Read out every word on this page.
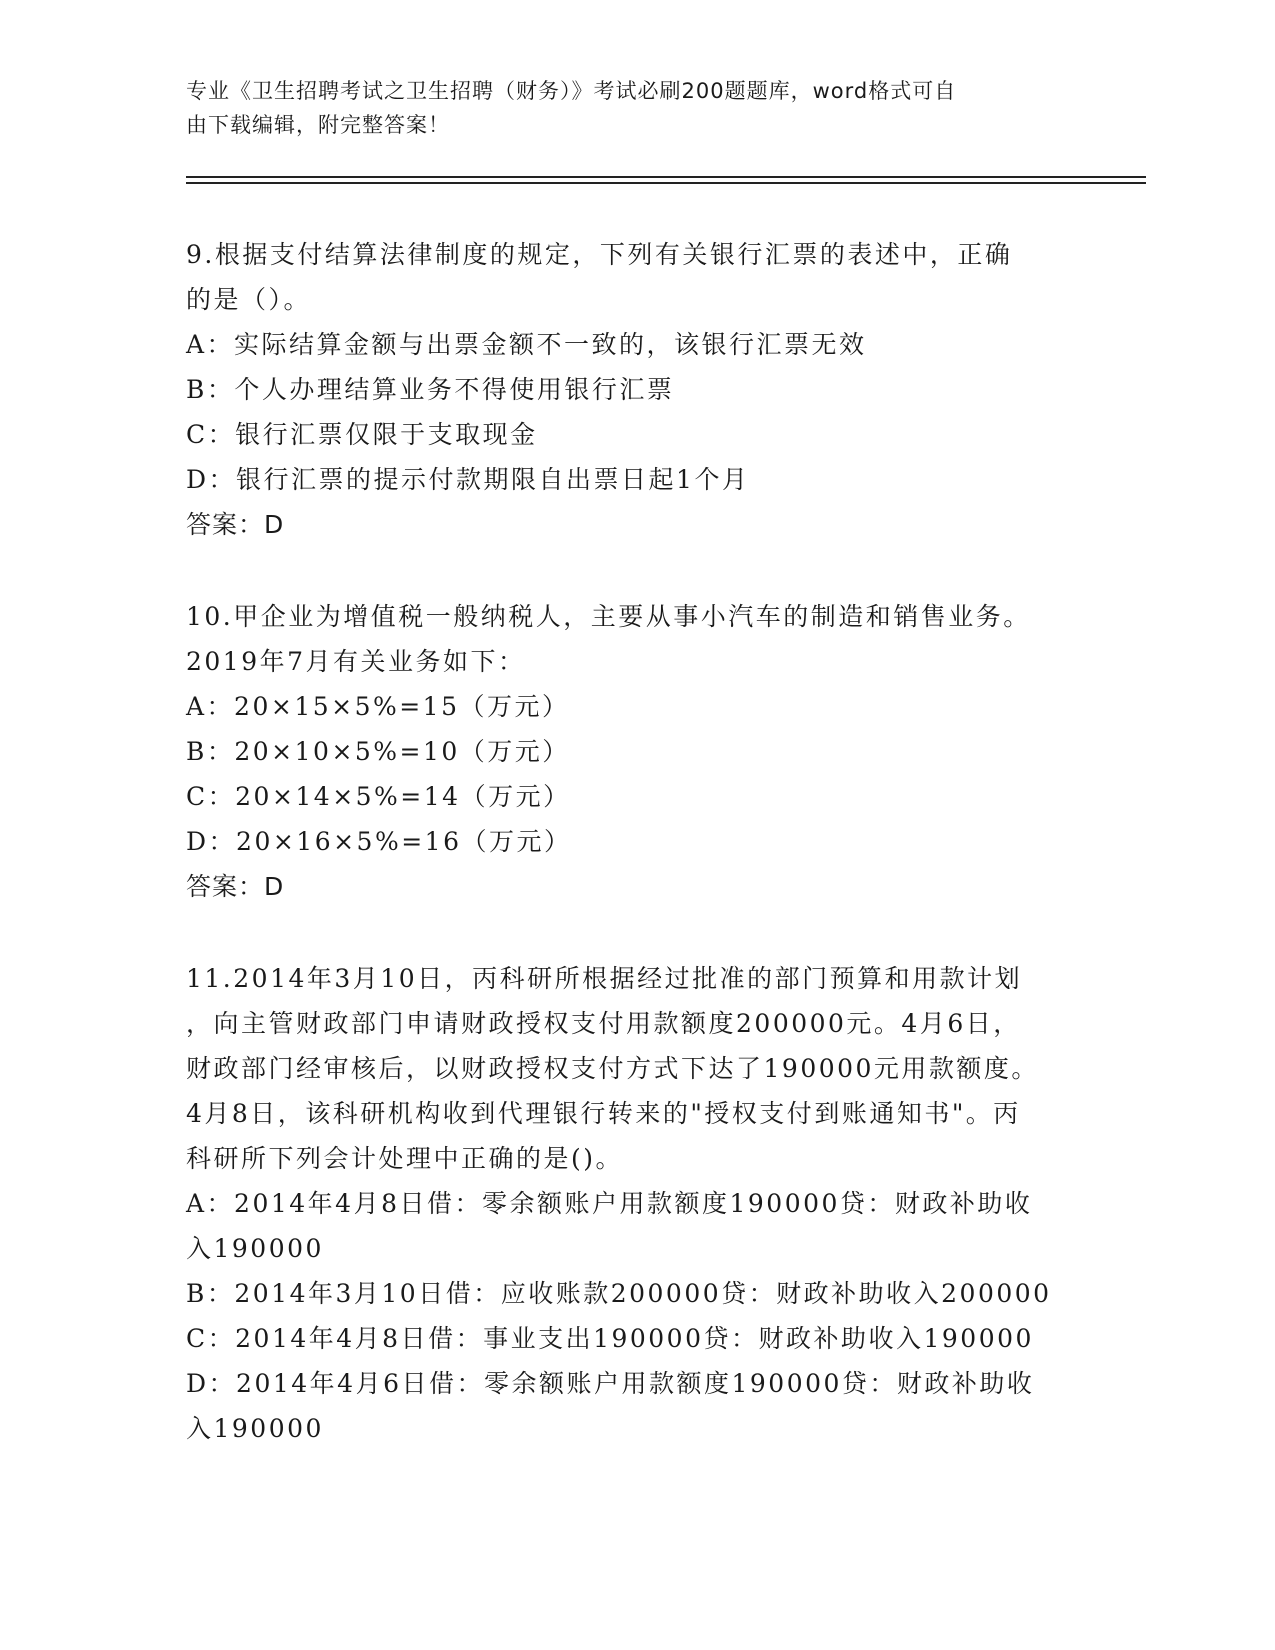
专业《卫生招聘考试之卫生招聘（财务）》考试必刷200题题库，word格式可自
由下载编辑，附完整答案！
9.根据支付结算法律制度的规定，下列有关银行汇票的表述中，正确
的是（）。
A：实际结算金额与出票金额不一致的，该银行汇票无效
B：个人办理结算业务不得使用银行汇票
C：银行汇票仅限于支取现金
D：银行汇票的提示付款期限自出票日起1个月
答案：D
10.甲企业为增值税一般纳税人，主要从事小汽车的制造和销售业务。
2019年7月有关业务如下：
A：20×15×5%=15（万元）
B：20×10×5%=10（万元）
C：20×14×5%=14（万元）
D：20×16×5%=16（万元）
答案：D
11.2014年3月10日，丙科研所根据经过批准的部门预算和用款计划
，向主管财政部门申请财政授权支付用款额度200000元。4月6日，
财政部门经审核后，以财政授权支付方式下达了190000元用款额度。
4月8日，该科研机构收到代理银行转来的"授权支付到账通知书"。丙
科研所下列会计处理中正确的是()。
A：2014年4月8日借：零余额账户用款额度190000贷：财政补助收
入190000
B：2014年3月10日借：应收账款200000贷：财政补助收入200000
C：2014年4月8日借：事业支出190000贷：财政补助收入190000
D：2014年4月6日借：零余额账户用款额度190000贷：财政补助收
入190000
